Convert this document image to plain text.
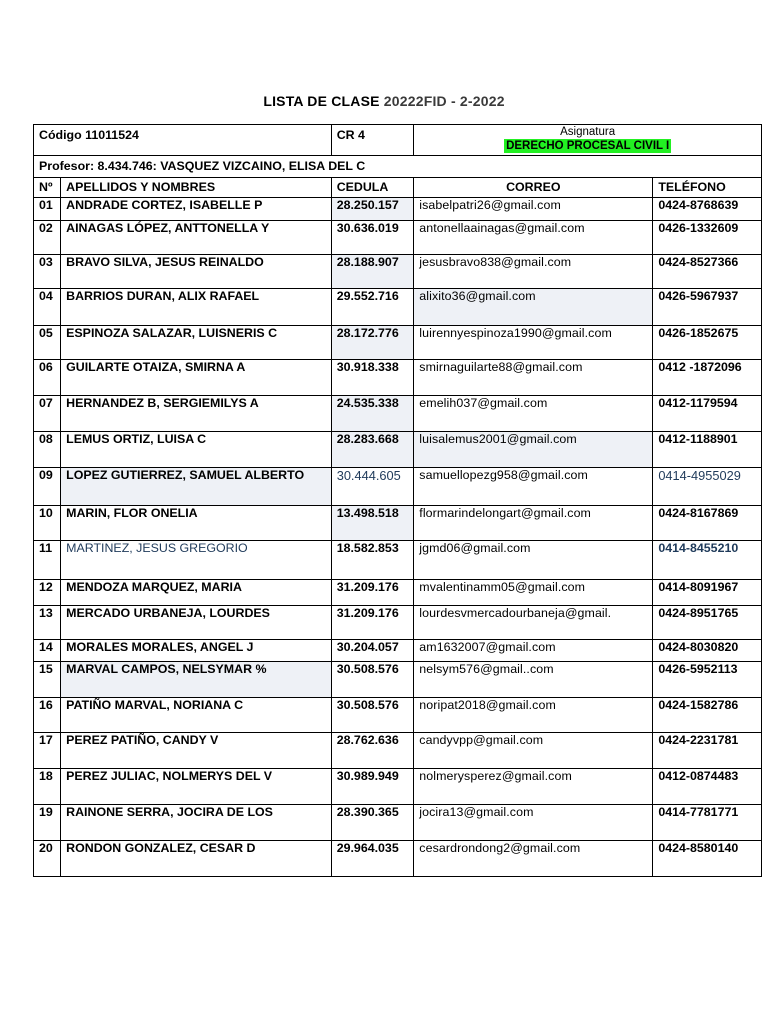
LISTA DE CLASE 20222FID - 2-2022
Código 11011524		CR 4	Asignatura
DERECHO PROCESAL CIVIL I	
Profesor: 8.434.746: VASQUEZ VIZCAINO, ELISA DEL C				
Nº	APELLIDOS Y NOMBRES	CEDULA	CORREO	TELÉFONO
01	ANDRADE CORTEZ, ISABELLE P	28.250.157	isabelpatri26@gmail.com	0424-8768639
02	AINAGAS LÓPEZ, ANTTONELLA Y	30.636.019	antonellaainagas@gmail.com	0426-1332609
03	BRAVO SILVA, JESUS REINALDO	28.188.907	jesusbravo838@gmail.com	0424-8527366
04	BARRIOS DURAN, ALIX RAFAEL	29.552.716	alixito36@gmail.com	0426-5967937
05	ESPINOZA SALAZAR, LUISNERIS C	28.172.776	luirennyespinoza1990@gmail.com	0426-1852675
06	GUILARTE OTAIZA, SMIRNA A	30.918.338	smirnaguilarte88@gmail.com	0412 -1872096
07	HERNANDEZ B, SERGIEMILYS A	24.535.338	emelih037@gmail.com	0412-1179594
08	LEMUS ORTIZ, LUISA C	28.283.668	luisalemus2001@gmail.com	0412-1188901
09	LOPEZ GUTIERREZ, SAMUEL ALBERTO	30.444.605	samuellopezg958@gmail.com	0414-4955029
10	MARIN, FLOR ONELIA	13.498.518	flormarindelongart@gmail.com	0424-8167869
11	MARTINEZ, JESUS GREGORIO	18.582.853	jgmd06@gmail.com	0414-8455210
12	MENDOZA MARQUEZ, MARIA	31.209.176	mvalentinamm05@gmail.com	0414-8091967
13	MERCADO URBANEJA, LOURDES	31.209.176	lourdesvmercadourbaneja@gmail.	0424-8951765
14	MORALES MORALES, ANGEL J	30.204.057	am1632007@gmail.com	0424-8030820
15	MARVAL CAMPOS, NELSYMAR %	30.508.576	nelsym576@gmail..com	0426-5952113
16	PATIÑO MARVAL, NORIANA C	30.508.576	noripat2018@gmail.com	0424-1582786
17	PEREZ PATIÑO, CANDY V	28.762.636	candyvpp@gmail.com	0424-2231781
18	PEREZ JULIAC, NOLMERYS DEL V	30.989.949	nolmerysperez@gmail.com	0412-0874483
19	RAINONE SERRA, JOCIRA DE LOS	28.390.365	jocira13@gmail.com	0414-7781771
20	RONDON GONZALEZ, CESAR D	29.964.035	cesardrondong2@gmail.com	0424-8580140
